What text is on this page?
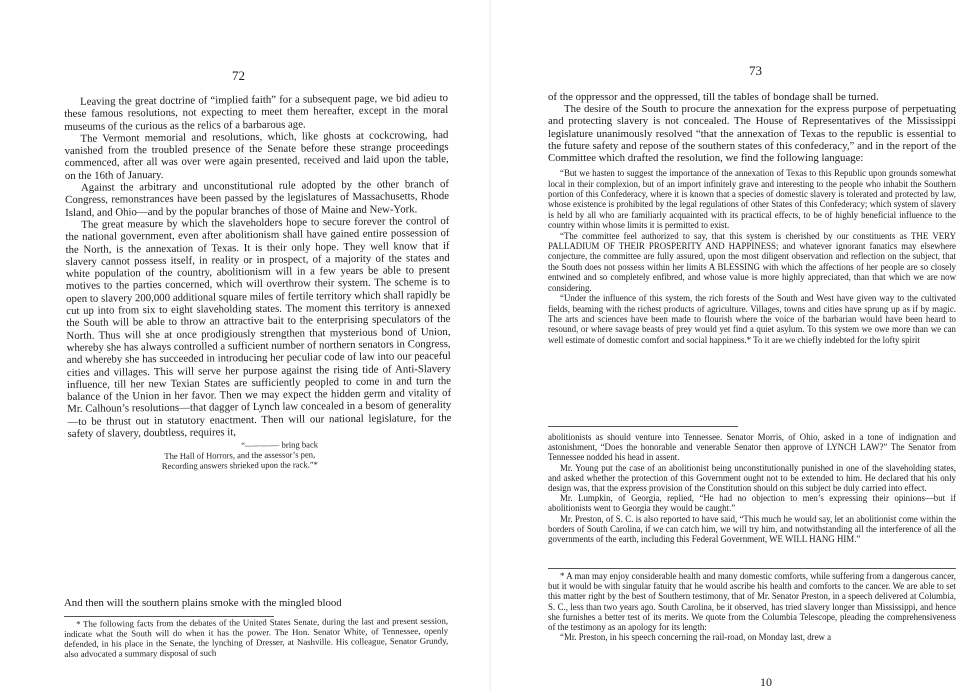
72

Leaving the great doctrine of “implied faith” for a subsequent page, we bid adieu to these famous resolutions, not expecting to meet them hereafter, except in the moral museums of the curious as the relics of a barbarous age.

The Vermont memorial and resolutions, which, like ghosts at cockcrowing, had vanished from the troubled presence of the Senate before these strange proceedings commenced, after all was over were again presented, received and laid upon the table, on the 16th of January.

Against the arbitrary and unconstitutional rule adopted by the other branch of Congress, remonstrances have been passed by the legislatures of Massachusetts, Rhode Island, and Ohio—and by the popular branches of those of Maine and New-York.

The great measure by which the slaveholders hope to secure forever the control of the national government, even after abolitionism shall have gained entire possession of the North, is the annexation of Texas. It is their only hope. They well know that if slavery cannot possess itself, in reality or in prospect, of a majority of the states and white population of the country, abolitionism will in a few years be able to present motives to the parties concerned, which will overthrow their system. The scheme is to open to slavery 200,000 additional square miles of fertile territory which shall rapidly be cut up into from six to eight slaveholding states. The moment this territory is annexed the South will be able to throw an attractive bait to the enterprising speculators of the North. Thus will she at once prodigiously strengthen that mysterious bond of Union, whereby she has always controlled a sufficient number of northern senators in Congress, and whereby she has succeeded in introducing her peculiar code of law into our peaceful cities and villages. This will serve her purpose against the rising tide of Anti-Slavery influence, till her new Texian States are sufficiently peopled to come in and turn the balance of the Union in her favor. Then we may expect the hidden germ and vitality of Mr. Calhoun’s resolutions—that dagger of Lynch law concealed in a besom of generality—to be thrust out in statutory enactment. Then will our national legislature, for the safety of slavery, doubtless, requires it,

“———— bring back
The Hall of Horrors, and the assessor’s pen,
Recording answers shrieked upon the rack.”*
And then will the southern plains smoke with the mingled blood

* The following facts from the debates of the United States Senate, during the last and present session, indicate what the South will do when it has the power. The Hon. Senator White, of Tennessee, openly defended, in his place in the Senate, the lynching of Dresser, at Nashville. His colleague, Senator Grundy, also advocated a summary disposal of such

73

of the oppressor and the oppressed, till the tables of bondage shall be turned.

The desire of the South to procure the annexation for the express purpose of perpetuating and protecting slavery is not concealed. The House of Representatives of the Mississippi legislature unanimously resolved “that the annexation of Texas to the republic is essential to the future safety and repose of the southern states of this confederacy,” and in the report of the Committee which drafted the resolution, we find the following language:

“But we hasten to suggest the importance of the annexation of Texas to this Republic upon grounds somewhat local in their complexion, but of an import infinitely grave and interesting to the people who inhabit the Southern portion of this Confederacy, where it is known that a species of domestic slavery is tolerated and protected by law, whose existence is prohibited by the legal regulations of other States of this Confederacy; which system of slavery is held by all who are familiarly acquainted with its practical effects, to be of highly beneficial influence to the country within whose limits it is permitted to exist.

“The committee feel authorized to say, that this system is cherished by our constituents as THE VERY PALLADIUM OF THEIR PROSPERITY AND HAPPINESS; and whatever ignorant fanatics may elsewhere conjecture, the committee are fully assured, upon the most diligent observation and reflection on the subject, that the South does not possess within her limits A BLESSING with which the affections of her people are so closely entwined and so completely enfibred, and whose value is more highly appreciated, than that which we are now considering.

“Under the influence of this system, the rich forests of the South and West have given way to the cultivated fields, beaming with the richest products of agriculture. Villages, towns and cities have sprung up as if by magic. The arts and sciences have been made to flourish where the voice of the barbarian would have been heard to resound, or where savage beasts of prey would yet find a quiet asylum. To this system we owe more than we can well estimate of domestic comfort and social happiness.* To it are we chiefly indebted for the lofty spirit

abolitionists as should venture into Tennessee. Senator Morris, of Ohio, asked in a tone of indignation and astonishment, “Does the honorable and venerable Senator then approve of LYNCH LAW?” The Senator from Tennessee nodded his head in assent.

Mr. Young put the case of an abolitionist being unconstitutionally punished in one of the slaveholding states, and asked whether the protection of this Government ought not to be extended to him. He declared that his only design was, that the express provision of the Constitution should on this subject be duly carried into effect.

Mr. Lumpkin, of Georgia, replied, “He had no objection to men’s expressing their opinions—but if abolitionists went to Georgia they would be caught.”

Mr. Preston, of S. C. is also reported to have said, “This much he would say, let an abolitionist come within the borders of South Carolina, if we can catch him, we will try him, and notwithstanding all the interference of all the governments of the earth, including this Federal Government, WE WILL HANG HIM.”

* A man may enjoy considerable health and many domestic comforts, while suffering from a dangerous cancer, but it would be with singular fatuity that he would ascribe his health and comforts to the cancer. We are able to set this matter right by the best of Southern testimony, that of Mr. Senator Preston, in a speech delivered at Columbia, S. C., less than two years ago. South Carolina, be it observed, has tried slavery longer than Mississippi, and hence she furnishes a better test of its merits. We quote from the Columbia Telescope, pleading the comprehensiveness of the testimony as an apology for its length:

“Mr. Preston, in his speech concerning the rail-road, on Monday last, drew a

10
